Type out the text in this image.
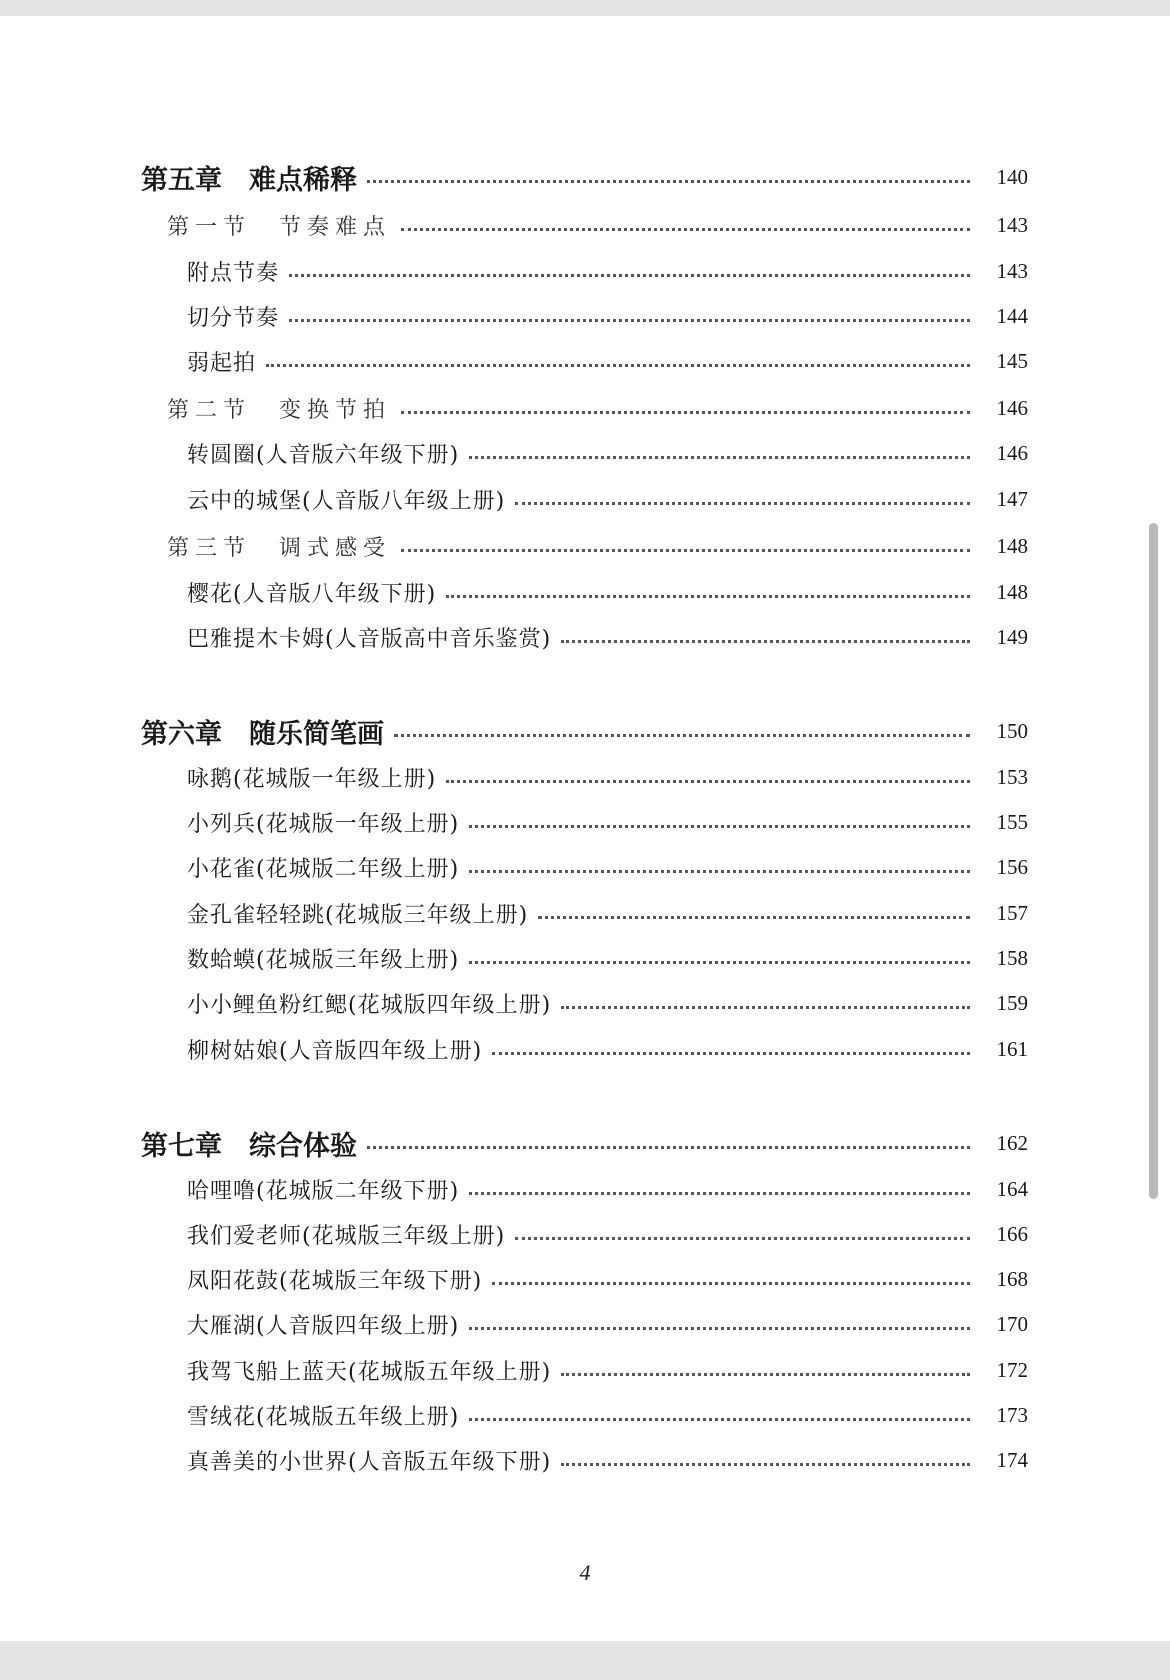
第五章　难点稀释	140
第一节　节奏难点	143
附点节奏	143
切分节奏	144
弱起拍	145
第二节　变换节拍	146
转圆圈(人音版六年级下册)	146
云中的城堡(人音版八年级上册)	147
第三节　调式感受	148
樱花(人音版八年级下册)	148
巴雅提木卡姆(人音版高中音乐鉴赏)	149
第六章　随乐简笔画	150
咏鹅(花城版一年级上册)	153
小列兵(花城版一年级上册)	155
小花雀(花城版二年级上册)	156
金孔雀轻轻跳(花城版三年级上册)	157
数蛤蟆(花城版三年级上册)	158
小小鲤鱼粉红鳃(花城版四年级上册)	159
柳树姑娘(人音版四年级上册)	161
第七章　综合体验	162
哈哩噜(花城版二年级下册)	164
我们爱老师(花城版三年级上册)	166
凤阳花鼓(花城版三年级下册)	168
大雁湖(人音版四年级上册)	170
我驾飞船上蓝天(花城版五年级上册)	172
雪绒花(花城版五年级上册)	173
真善美的小世界(人音版五年级下册)	174
4
